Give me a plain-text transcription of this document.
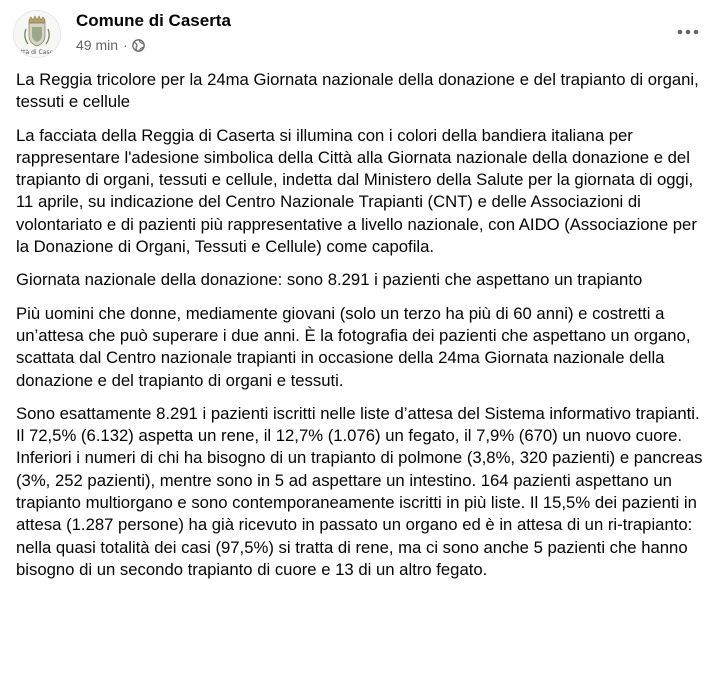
ttà di Case
Comune di Caserta
49 min ·

La Reggia tricolore per la 24ma Giornata nazionale della donazione e del trapianto di organi, tessuti e cellule

La facciata della Reggia di Caserta si illumina con i colori della bandiera italiana per rappresentare l'adesione simbolica della Città alla Giornata nazionale della donazione e del trapianto di organi, tessuti e cellule, indetta dal Ministero della Salute per la giornata di oggi, 11 aprile, su indicazione del Centro Nazionale Trapianti (CNT) e delle Associazioni di volontariato e di pazienti più rappresentative a livello nazionale, con AIDO (Associazione per la Donazione di Organi, Tessuti e Cellule) come capofila.

Giornata nazionale della donazione: sono 8.291 i pazienti che aspettano un trapianto

Più uomini che donne, mediamente giovani (solo un terzo ha più di 60 anni) e costretti a un’attesa che può superare i due anni. È la fotografia dei pazienti che aspettano un organo, scattata dal Centro nazionale trapianti in occasione della 24ma Giornata nazionale della donazione e del trapianto di organi e tessuti.

Sono esattamente 8.291 i pazienti iscritti nelle liste d’attesa del Sistema informativo trapianti. Il 72,5% (6.132) aspetta un rene, il 12,7% (1.076) un fegato, il 7,9% (670) un nuovo cuore. Inferiori i numeri di chi ha bisogno di un trapianto di polmone (3,8%, 320 pazienti) e pancreas (3%, 252 pazienti), mentre sono in 5 ad aspettare un intestino. 164 pazienti aspettano un trapianto multiorgano e sono contemporaneamente iscritti in più liste. Il 15,5% dei pazienti in attesa (1.287 persone) ha già ricevuto in passato un organo ed è in attesa di un ri-trapianto: nella quasi totalità dei casi (97,5%) si tratta di rene, ma ci sono anche 5 pazienti che hanno bisogno di un secondo trapianto di cuore e 13 di un altro fegato.
